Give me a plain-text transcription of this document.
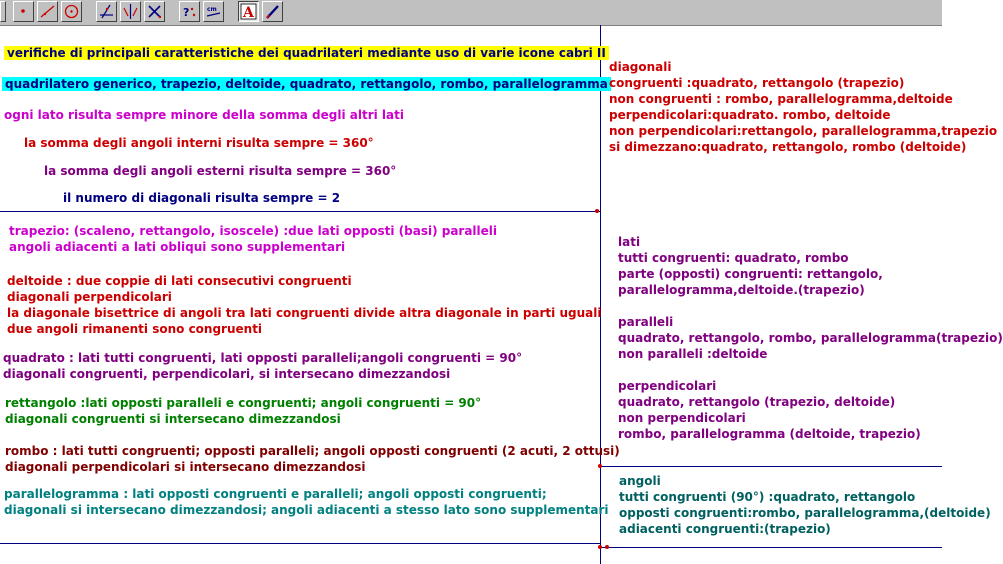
?	cm A
verifiche di principali caratteristiche dei quadrilateri mediante uso di varie icone cabri II
quadrilatero generico, trapezio, deltoide, quadrato, rettangolo, rombo, parallelogramma
ogni lato risulta sempre minore della somma degli altri lati
la somma degli angoli interni risulta sempre = 360°
la somma degli angoli esterni risulta sempre = 360°
il numero di diagonali risulta sempre = 2
trapezio: (scaleno, rettangolo, isoscele) :due lati opposti (basi) paralleli
angoli adiacenti a lati obliqui sono supplementari
deltoide : due coppie di lati consecutivi congruenti
diagonali perpendicolari
la diagonale bisettrice di angoli tra lati congruenti divide altra diagonale in parti uguali
due angoli rimanenti sono congruenti
quadrato : lati tutti congruenti, lati opposti paralleli;angoli congruenti = 90°
diagonali congruenti, perpendicolari, si intersecano dimezzandosi
rettangolo :lati opposti paralleli e congruenti; angoli congruenti = 90°
diagonali congruenti si intersecano dimezzandosi
rombo : lati tutti congruenti; opposti paralleli; angoli opposti congruenti (2 acuti, 2 ottusi)
diagonali perpendicolari si intersecano dimezzandosi
parallelogramma : lati opposti congruenti e paralleli; angoli opposti congruenti;
diagonali si intersecano dimezzandosi; angoli adiacenti a stesso lato sono supplementari
diagonali
congruenti :quadrato, rettangolo (trapezio)
non congruenti : rombo, parallelogramma,deltoide
perpendicolari:quadrato. rombo, deltoide
non perpendicolari:rettangolo, parallelogramma,trapezio
si dimezzano:quadrato, rettangolo, rombo (deltoide)
lati
tutti congruenti: quadrato, rombo
parte (opposti) congruenti: rettangolo,
parallelogramma,deltoide.(trapezio)
paralleli
quadrato, rettangolo, rombo, parallelogramma(trapezio)
non paralleli :deltoide
perpendicolari
quadrato, rettangolo (trapezio, deltoide)
non perpendicolari
rombo, parallelogramma (deltoide, trapezio)
angoli
tutti congruenti (90°) :quadrato, rettangolo
opposti congruenti:rombo, parallelogramma,(deltoide)
adiacenti congruenti:(trapezio)
